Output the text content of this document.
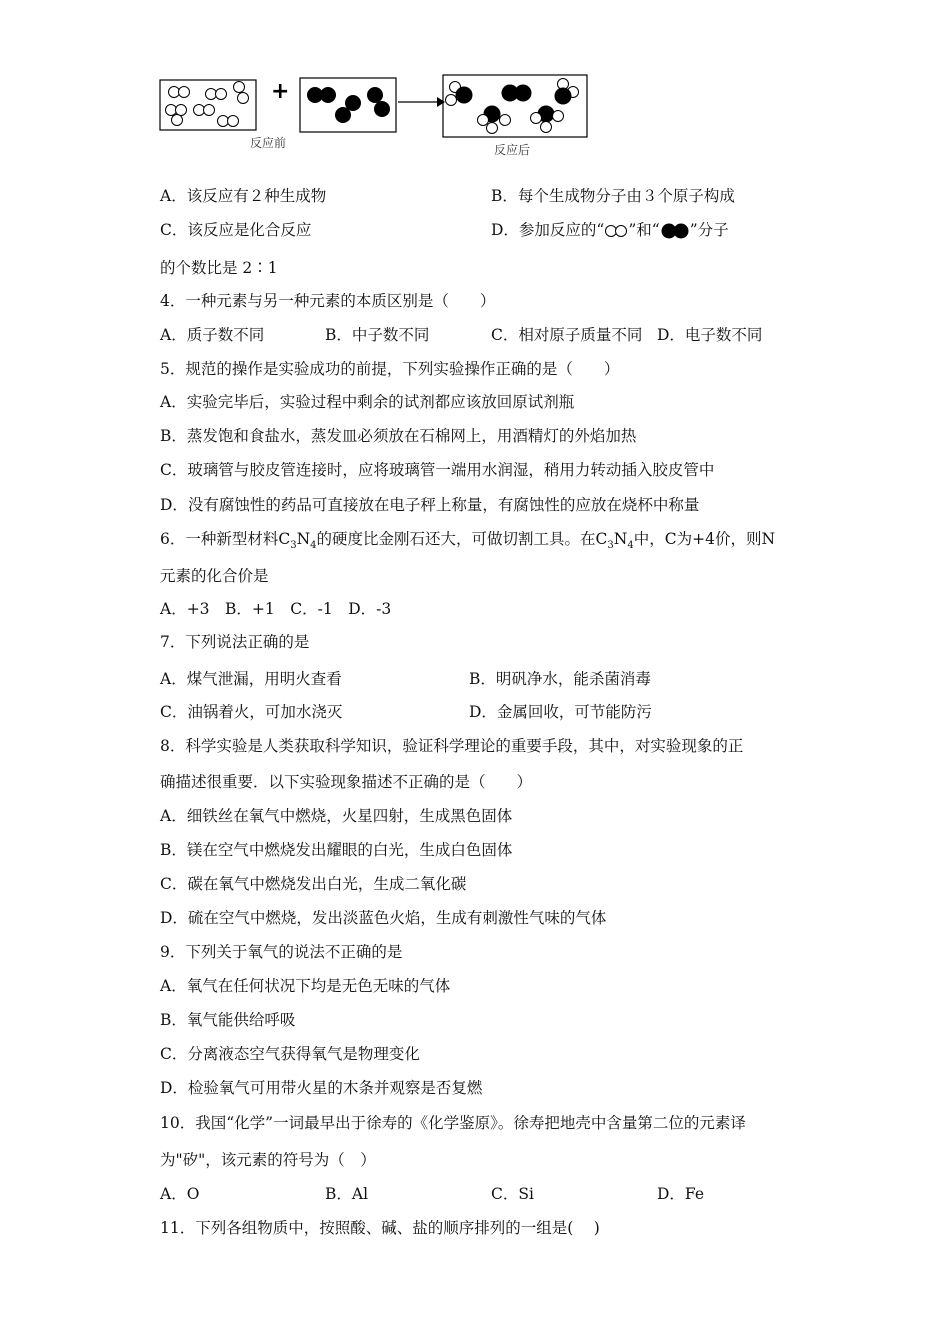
+
反应前	反应后
A．该反应有２种生成物	B．每个生成物分子由３个原子构成
C．该反应是化合反应	D．参加反应的“ ”和“ ”分子
的个数比是 2∶1
4．一种元素与另一种元素的本质区别是（　　）
A．质子数不同	B．中子数不同	C．相对原子质量不同 D．电子数不同
5．规范的操作是实验成功的前提，下列实验操作正确的是（　　）
A．实验完毕后，实验过程中剩余的试剂都应该放回原试剂瓶
B．蒸发饱和食盐水，蒸发皿必须放在石棉网上，用酒精灯的外焰加热
C．玻璃管与胶皮管连接时，应将玻璃管一端用水润湿，稍用力转动插入胶皮管中
D．没有腐蚀性的药品可直接放在电子秤上称量，有腐蚀性的应放在烧杯中称量
6．一种新型材料$C_3N_4$的硬度比金刚石还大，可做切割工具。在$C_3N_4$中，C为+4价，则N
元素的化合价是
A．+3　B．+1　C．-1　D．-3
7．下列说法正确的是
A．煤气泄漏，用明火查看	B．明矾净水，能杀菌消毒
C．油锅着火，可加水浇灭	D．金属回收，可节能防污
8．科学实验是人类获取科学知识，验证科学理论的重要手段，其中，对实验现象的正
确描述很重要．以下实验现象描述不正确的是（　　）
A．细铁丝在氧气中燃烧，火星四射，生成黑色固体
B．镁在空气中燃烧发出耀眼的白光，生成白色固体
C．碳在氧气中燃烧发出白光，生成二氧化碳
D．硫在空气中燃烧，发出淡蓝色火焰，生成有刺激性气味的气体
9．下列关于氧气的说法不正确的是
A．氧气在任何状况下均是无色无味的气体
B．氧气能供给呼吸
C．分离液态空气获得氧气是物理变化
D．检验氧气可用带火星的木条并观察是否复燃
10．我国“化学”一词最早出于徐寿的《化学鉴原》。徐寿把地壳中含量第二位的元素译
为"矽"，该元素的符号为（　）
A．O	B．Al	C．Si	D．Fe
11．下列各组物质中，按照酸、碱、盐的顺序排列的一组是(　 )
